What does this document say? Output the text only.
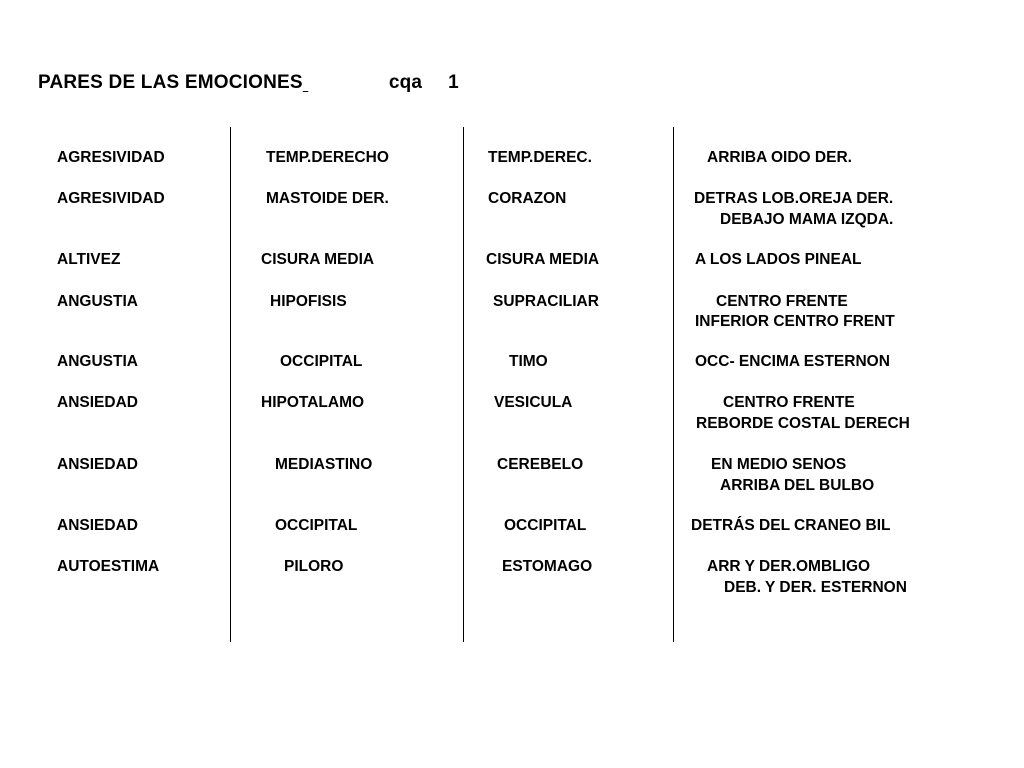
PARES DE LAS EMOCIONES	cqa 1
AGRESIVIDAD	TEMP.DERECHO	TEMP.DEREC.	ARRIBA OIDO DER.
AGRESIVIDAD	MASTOIDE DER.	CORAZON	DETRAS LOB.OREJA DER.
DEBAJO MAMA IZQDA.
ALTIVEZ	CISURA MEDIA	CISURA MEDIA	A LOS LADOS PINEAL
ANGUSTIA	HIPOFISIS	SUPRACILIAR	CENTRO FRENTE
INFERIOR CENTRO FRENT
ANGUSTIA	OCCIPITAL	TIMO	OCC- ENCIMA ESTERNON
ANSIEDAD	HIPOTALAMO	VESICULA	CENTRO FRENTE
REBORDE COSTAL DERECH
ANSIEDAD	MEDIASTINO	CEREBELO	EN MEDIO SENOS
ARRIBA DEL BULBO
ANSIEDAD	OCCIPITAL	OCCIPITAL	DETRÁS DEL CRANEO BIL
AUTOESTIMA	PILORO	ESTOMAGO	ARR Y DER.OMBLIGO
DEB. Y DER. ESTERNON
